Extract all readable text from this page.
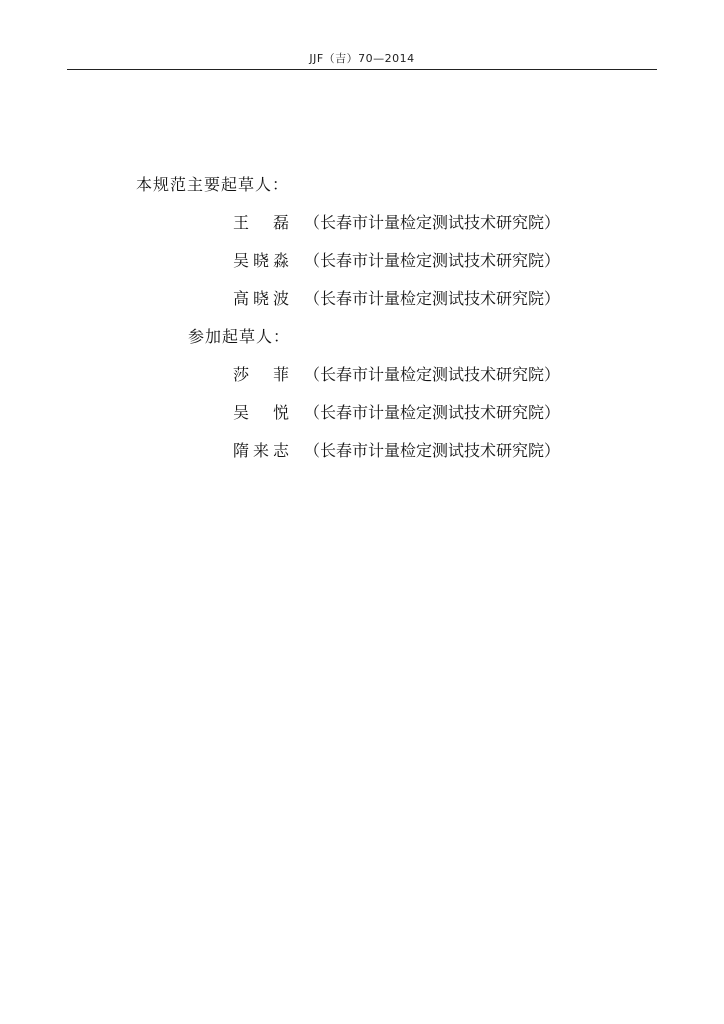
JJF（吉）70—2014
本规范主要起草人：
王　磊 （长春市计量检定测试技术研究院）
吴晓淼 （长春市计量检定测试技术研究院）
高晓波 （长春市计量检定测试技术研究院）
参加起草人：
莎　菲 （长春市计量检定测试技术研究院）
吴　悦 （长春市计量检定测试技术研究院）
隋来志 （长春市计量检定测试技术研究院）
